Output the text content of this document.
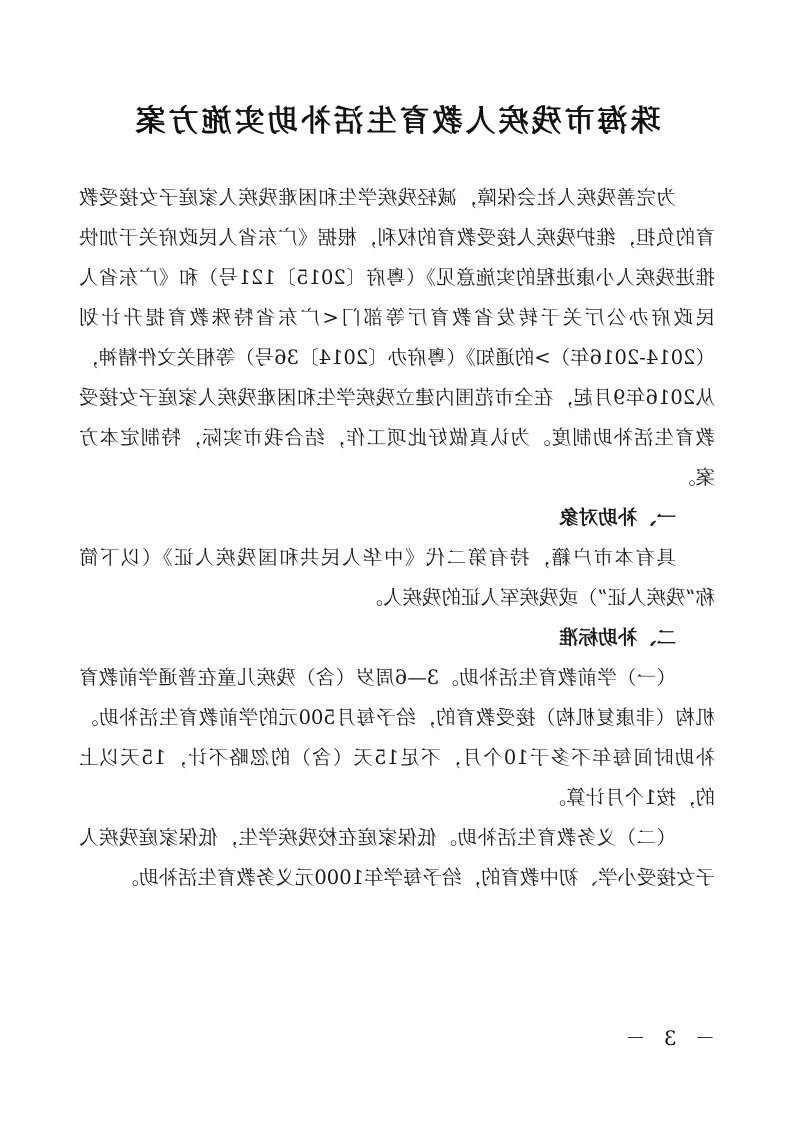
珠海市残疾人教育生活补助实施方案

为完善残疾人社会保障，减轻残疾学生和困难残疾人家庭子女接受教育的负担，维护残疾人接受教育的权利，根据《广东省人民政府关于加快推进残疾人小康进程的实施意见》（粤府〔2015〕121号）和《广东省人民政府办公厅关于转发省教育厅等部门<广东省特殊教育提升计划（2014-2016年）>的通知》（粤府办〔2014〕36号）等相关文件精神，从2016年9月起，在全市范围内建立残疾学生和困难残疾人家庭子女接受教育生活补助制度。为认真做好此项工作，结合我市实际，特制定本方案。

一、补助对象

具有本市户籍，持有第二代《中华人民共和国残疾人证》（以下简称“残疾人证”）或残疾军人证的残疾人。

二、补助标准

（一）学前教育生活补助。3—6周岁（含）残疾儿童在普通学前教育机构（非康复机构）接受教育的，给予每月500元的学前教育生活补助。补助时间每年不多于10个月，不足15天（含）的忽略不计，15天以上的，按1个月计算。

（二）义务教育生活补助。低保家庭在校残疾学生，低保家庭残疾人子女接受小学、初中教育的，给予每学年1000元义务教育生活补助。

－ 3 －
